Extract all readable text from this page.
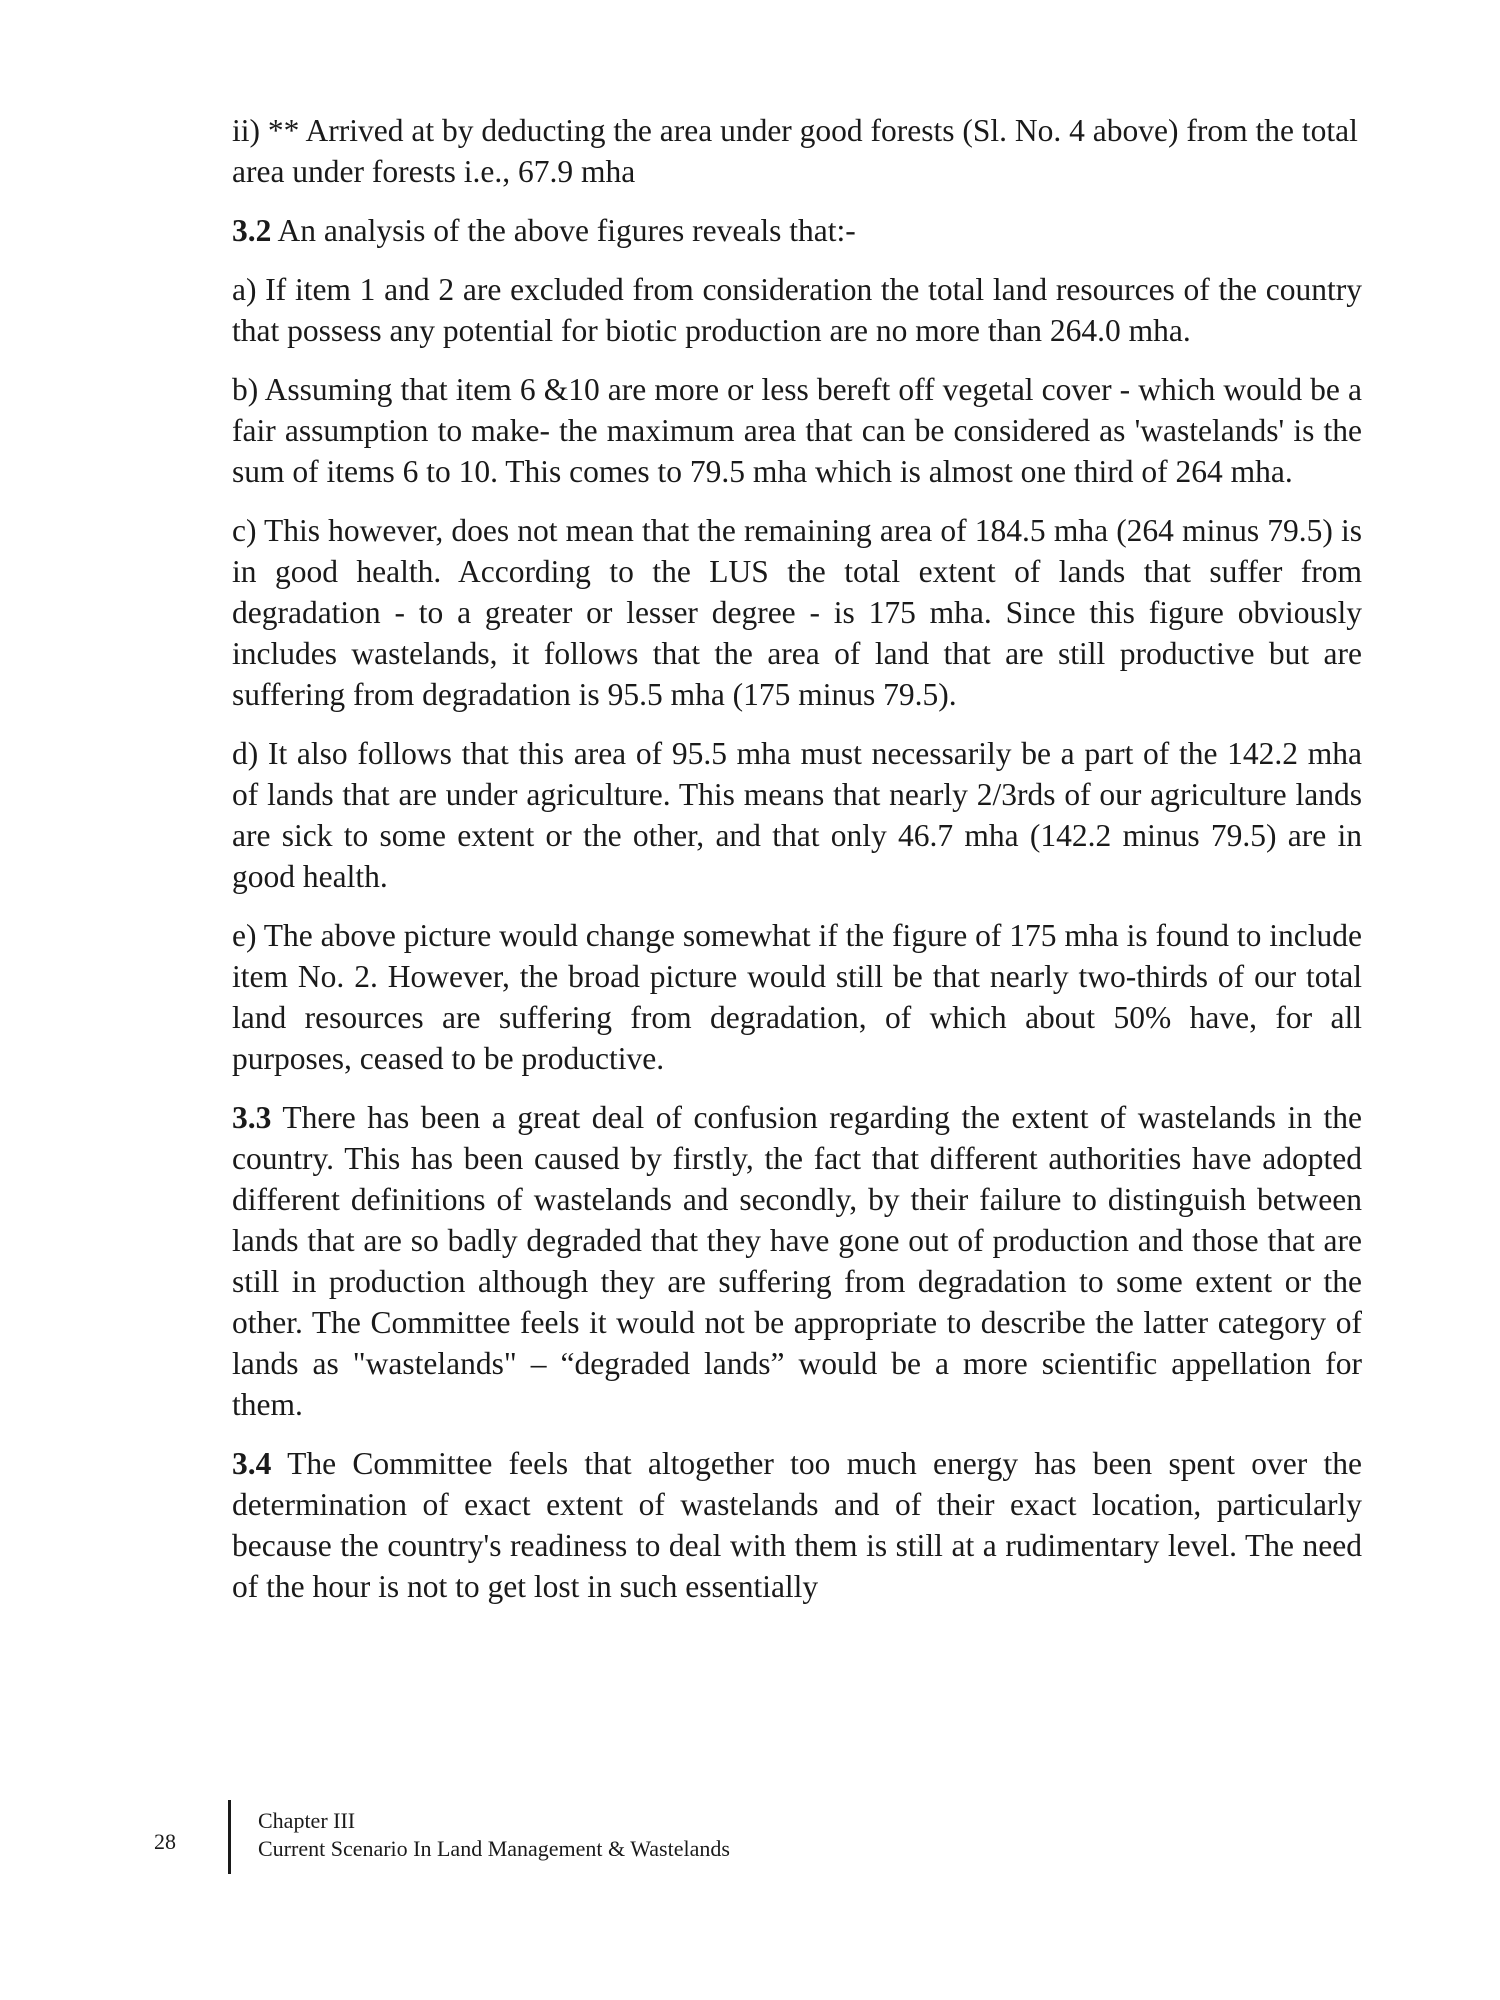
ii) ** Arrived at by deducting the area under good forests (Sl. No. 4 above) from the total area under forests i.e., 67.9 mha

3.2 An analysis of the above figures reveals that:-

a) If item 1 and 2 are excluded from consideration the total land resources of the country that possess any potential for biotic production are no more than 264.0 mha.

b) Assuming that item 6 &10 are more or less bereft off vegetal cover - which would be a fair assumption to make- the maximum area that can be considered as 'wastelands' is the sum of items 6 to 10. This comes to 79.5 mha which is almost one third of 264 mha.

c) This however, does not mean that the remaining area of 184.5 mha (264 minus 79.5) is in good health. According to the LUS the total extent of lands that suffer from degradation - to a greater or lesser degree - is 175 mha. Since this figure obviously includes wastelands, it follows that the area of land that are still productive but are suffering from degradation is 95.5 mha (175 minus 79.5).

d) It also follows that this area of 95.5 mha must necessarily be a part of the 142.2 mha of lands that are under agriculture. This means that nearly 2/3rds of our agriculture lands are sick to some extent or the other, and that only 46.7 mha (142.2 minus 79.5) are in good health.

e) The above picture would change somewhat if the figure of 175 mha is found to include item No. 2. However, the broad picture would still be that nearly two-thirds of our total land resources are suffering from degradation, of which about 50% have, for all purposes, ceased to be productive.

3.3 There has been a great deal of confusion regarding the extent of wastelands in the country. This has been caused by firstly, the fact that different authorities have adopted different definitions of wastelands and secondly, by their failure to distinguish between lands that are so badly degraded that they have gone out of production and those that are still in production although they are suffering from degradation to some extent or the other. The Committee feels it would not be appropriate to describe the latter category of lands as "wastelands" – “degraded lands” would be a more scientific appellation for them.

3.4 The Committee feels that altogether too much energy has been spent over the determination of exact extent of wastelands and of their exact location, particularly because the country's readiness to deal with them is still at a rudimentary level. The need of the hour is not to get lost in such essentially

28
Chapter III
Current Scenario In Land Management & Wastelands
